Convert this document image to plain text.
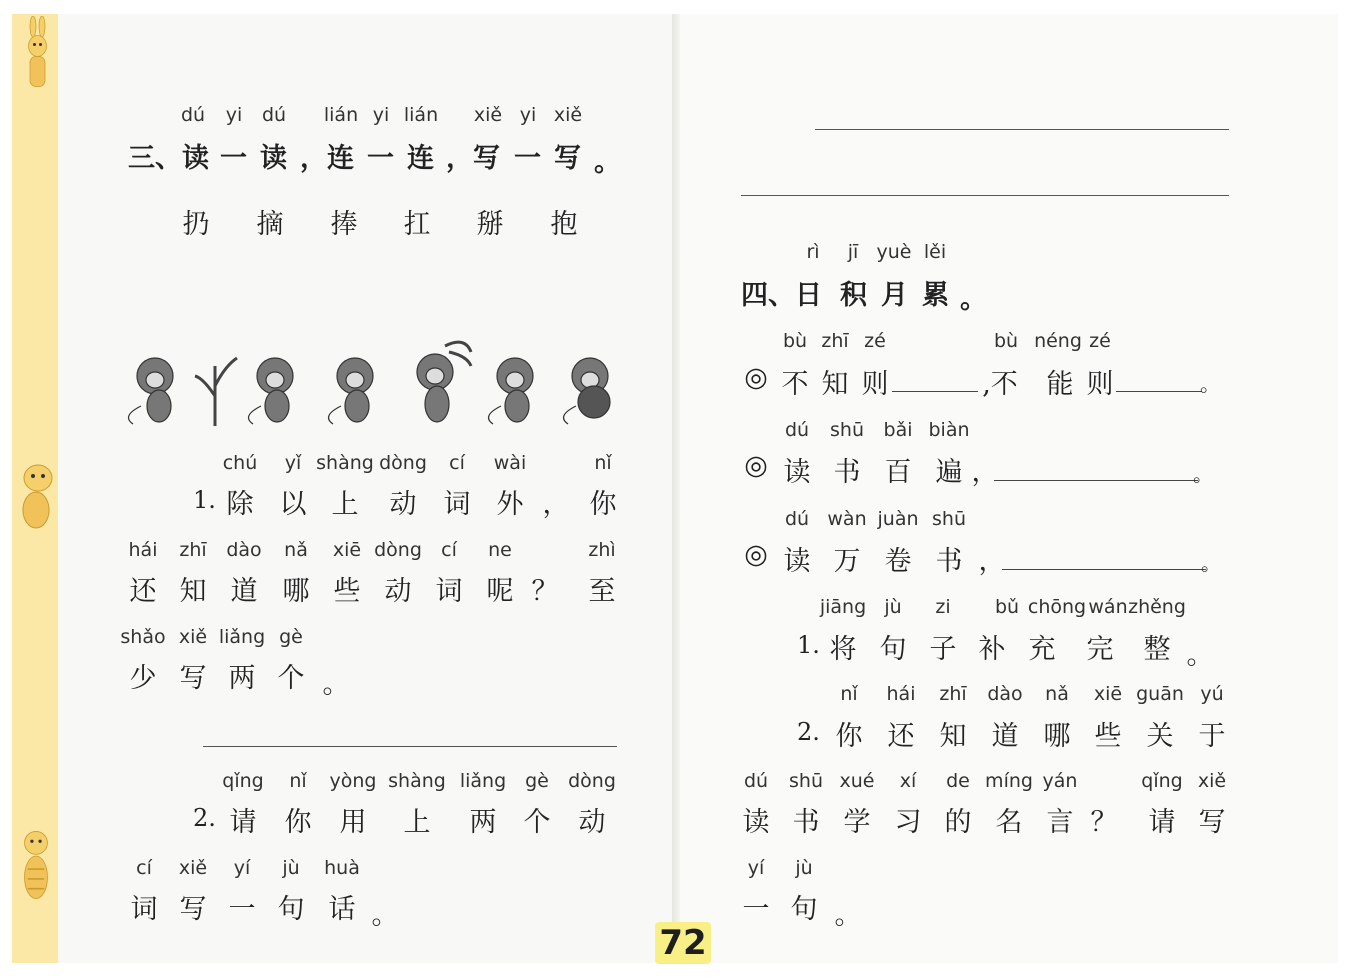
dú yi dú lián yi lián xiě yi xiě
三、读 一 读 ，连 一 连 ，写 一 写 。
扔 摘 捧 扛 掰 抱
chú yǐ shàng dòng cí wài	nǐ
1. 除 以 上 动 词 外 ， 你
hái zhī dào nǎ xiē dòng cí ne	zhì
还 知 道 哪 些 动 词 呢 ？ 至
shǎo xiě liǎng gè
少 写 两 个 。
qǐng nǐ yòng shàng liǎng gè dòng
2. 请 你 用 上 两 个 动
cí xiě yí jù huà
词 写 一 句 话 。
rì jī yuè lěi
四、日 积 月 累 。
bù zhī zé	bù néng zé
◎ 不 知 则	,不 能 则	。
dú shū bǎi biàn
◎ 读 书 百 遍 ，	。
dú wàn juàn shū
◎ 读 万 卷 书 ，	。
jiāng jù zi bǔ chōng wán zhěng
1. 将 句 子 补 充 完 整 。
nǐ hái zhī dào nǎ xiē guān yú
2. 你 还 知 道 哪 些 关 于
dú shū xué xí de míng yán	qǐng xiě
读 书 学 习 的 名 言 ？ 请 写
yí jù
一 句 。
72
